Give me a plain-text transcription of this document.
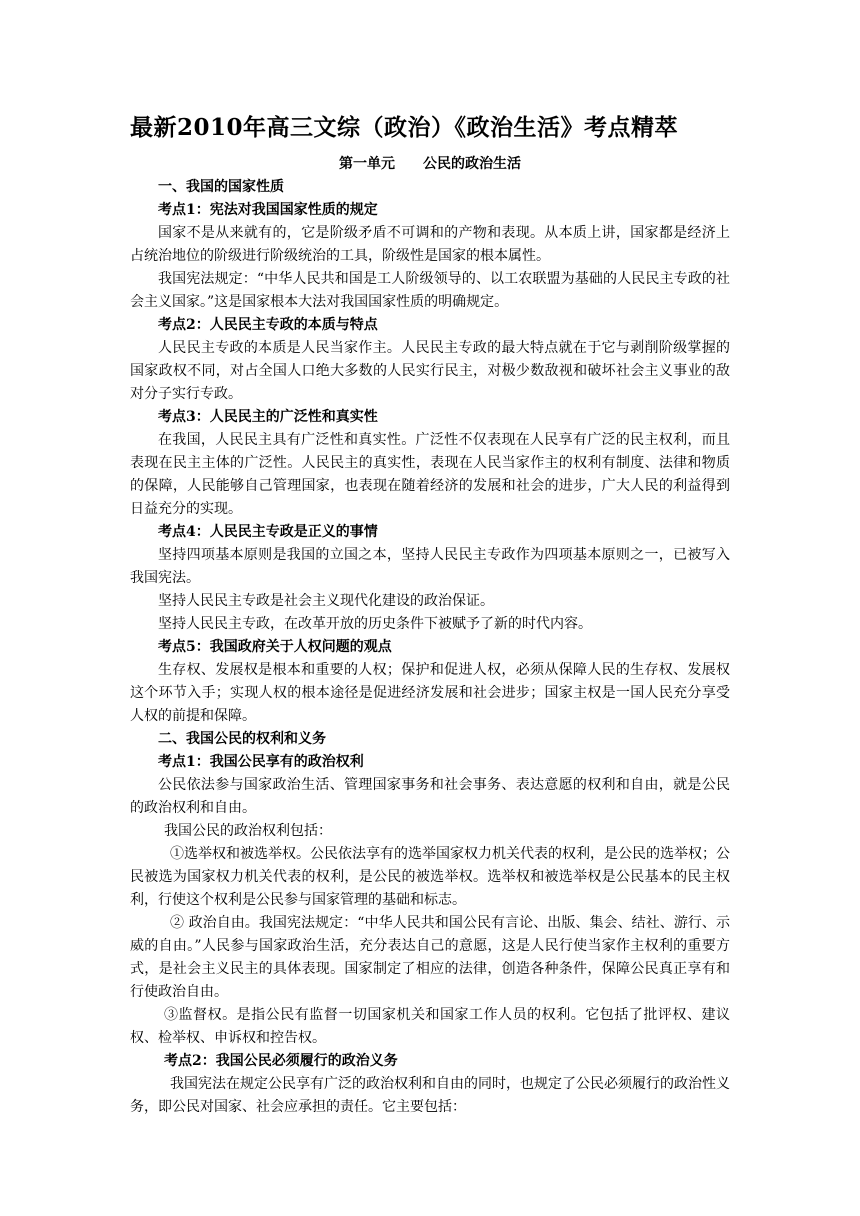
最新2010年高三文综（政治）《政治生活》考点精萃

第一单元　　公民的政治生活

一、我国的国家性质

考点1：宪法对我国国家性质的规定

国家不是从来就有的，它是阶级矛盾不可调和的产物和表现。从本质上讲，国家都是经济上占统治地位的阶级进行阶级统治的工具，阶级性是国家的根本属性。

我国宪法规定：“中华人民共和国是工人阶级领导的、以工农联盟为基础的人民民主专政的社会主义国家。”这是国家根本大法对我国国家性质的明确规定。

考点2：人民民主专政的本质与特点

人民民主专政的本质是人民当家作主。人民民主专政的最大特点就在于它与剥削阶级掌握的国家政权不同，对占全国人口绝大多数的人民实行民主，对极少数敌视和破坏社会主义事业的敌对分子实行专政。

考点3：人民民主的广泛性和真实性

在我国，人民民主具有广泛性和真实性。广泛性不仅表现在人民享有广泛的民主权利，而且表现在民主主体的广泛性。人民民主的真实性，表现在人民当家作主的权利有制度、法律和物质的保障，人民能够自己管理国家，也表现在随着经济的发展和社会的进步，广大人民的利益得到日益充分的实现。

考点4：人民民主专政是正义的事情

坚持四项基本原则是我国的立国之本，坚持人民民主专政作为四项基本原则之一，已被写入我国宪法。

坚持人民民主专政是社会主义现代化建设的政治保证。

坚持人民民主专政，在改革开放的历史条件下被赋予了新的时代内容。

考点5：我国政府关于人权问题的观点

生存权、发展权是根本和重要的人权；保护和促进人权，必须从保障人民的生存权、发展权这个环节入手；实现人权的根本途径是促进经济发展和社会进步；国家主权是一国人民充分享受人权的前提和保障。

二、我国公民的权利和义务

考点1：我国公民享有的政治权利

公民依法参与国家政治生活、管理国家事务和社会事务、表达意愿的权利和自由，就是公民的政治权利和自由。

我国公民的政治权利包括：

①选举权和被选举权。公民依法享有的选举国家权力机关代表的权利，是公民的选举权；公民被选为国家权力机关代表的权利，是公民的被选举权。选举权和被选举权是公民基本的民主权利，行使这个权利是公民参与国家管理的基础和标志。

② 政治自由。我国宪法规定：“中华人民共和国公民有言论、出版、集会、结社、游行、示威的自由。”人民参与国家政治生活，充分表达自己的意愿，这是人民行使当家作主权利的重要方式，是社会主义民主的具体表现。国家制定了相应的法律，创造各种条件，保障公民真正享有和行使政治自由。

③监督权。是指公民有监督一切国家机关和国家工作人员的权利。它包括了批评权、建议权、检举权、申诉权和控告权。

考点2：我国公民必须履行的政治义务

我国宪法在规定公民享有广泛的政治权利和自由的同时，也规定了公民必须履行的政治性义务，即公民对国家、社会应承担的责任。它主要包括：
